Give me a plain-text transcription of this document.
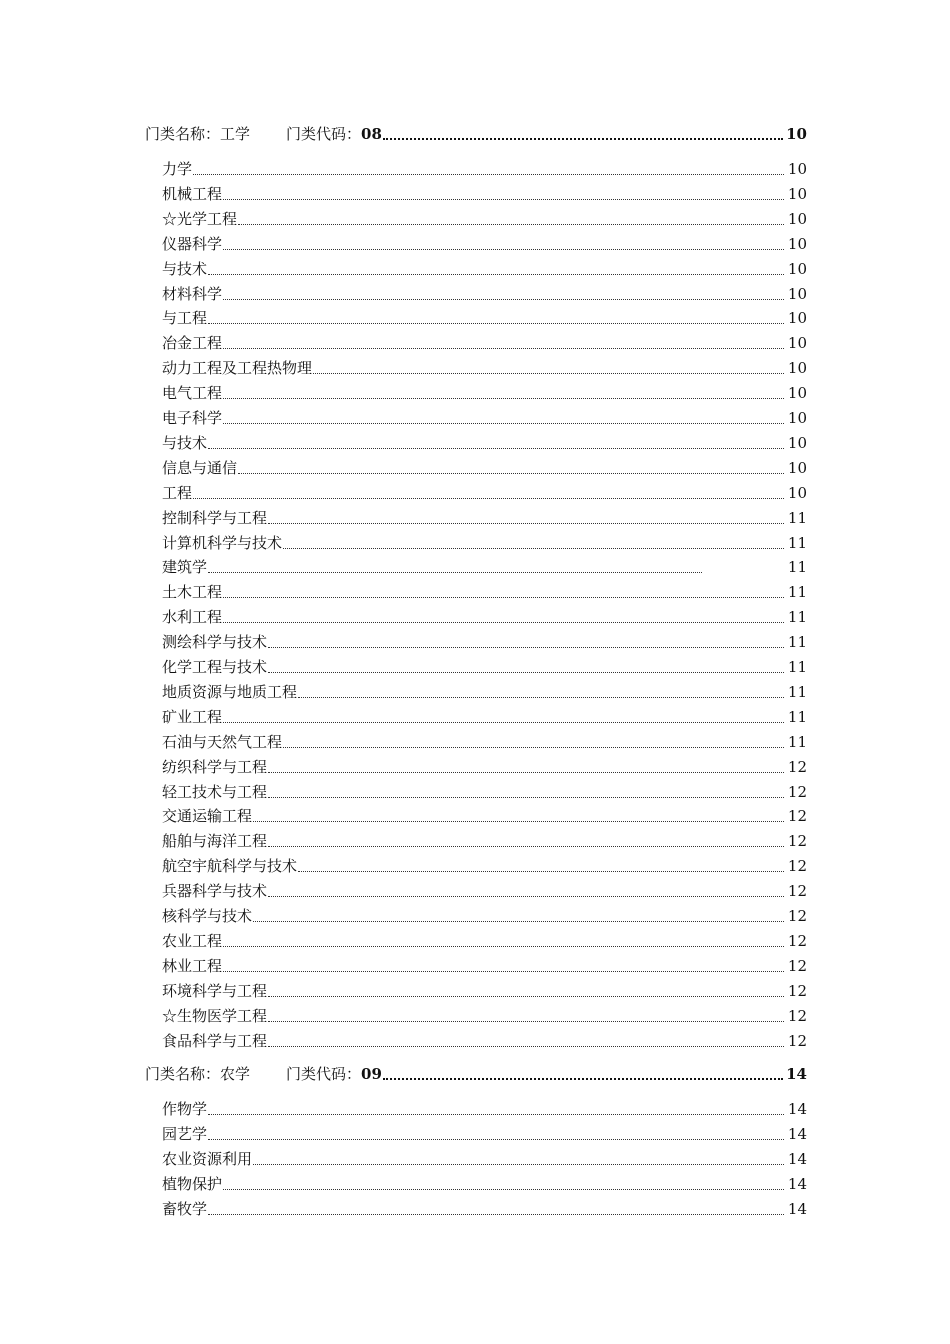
门类名称：工学 门类代码：08	10
力学	10
机械工程	10
☆光学工程	10
仪器科学	10
与技术	10
材料科学	10
与工程	10
冶金工程	10
动力工程及工程热物理	10
电气工程	10
电子科学	10
与技术	10
信息与通信	10
工程	10
控制科学与工程	11
计算机科学与技术	11
建筑学	11
土木工程	11
水利工程	11
测绘科学与技术	11
化学工程与技术	11
地质资源与地质工程	11
矿业工程	11
石油与天然气工程	11
纺织科学与工程	12
轻工技术与工程	12
交通运输工程	12
船舶与海洋工程	12
航空宇航科学与技术	12
兵器科学与技术	12
核科学与技术	12
农业工程	12
林业工程	12
环境科学与工程	12
☆生物医学工程	12
食品科学与工程	12
门类名称：农学 门类代码：09	14
作物学	14
园艺学	14
农业资源利用	14
植物保护	14
畜牧学	14
